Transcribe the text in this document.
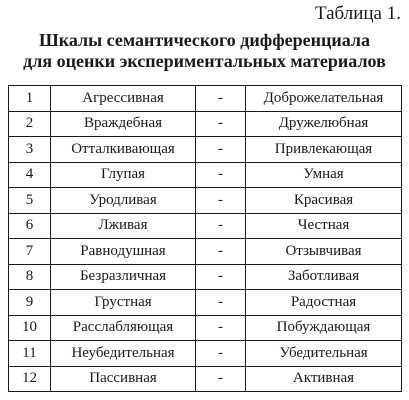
Таблица 1.
Шкалы семантического дифференциала
для оценки экспериментальных материалов
1	Агрессивная	-	Доброжелательная
2	Враждебная	-	Дружелюбная
3	Отталкивающая	-	Привлекающая
4	Глупая	-	Умная
5	Уродливая	-	Красивая
6	Лживая	-	Честная
7	Равнодушная	-	Отзывчивая
8	Безразличная	-	Заботливая
9	Грустная	-	Радостная
10	Расслабляющая	-	Побуждающая
11	Неубедительная	-	Убедительная
12	Пассивная	-	Активная
